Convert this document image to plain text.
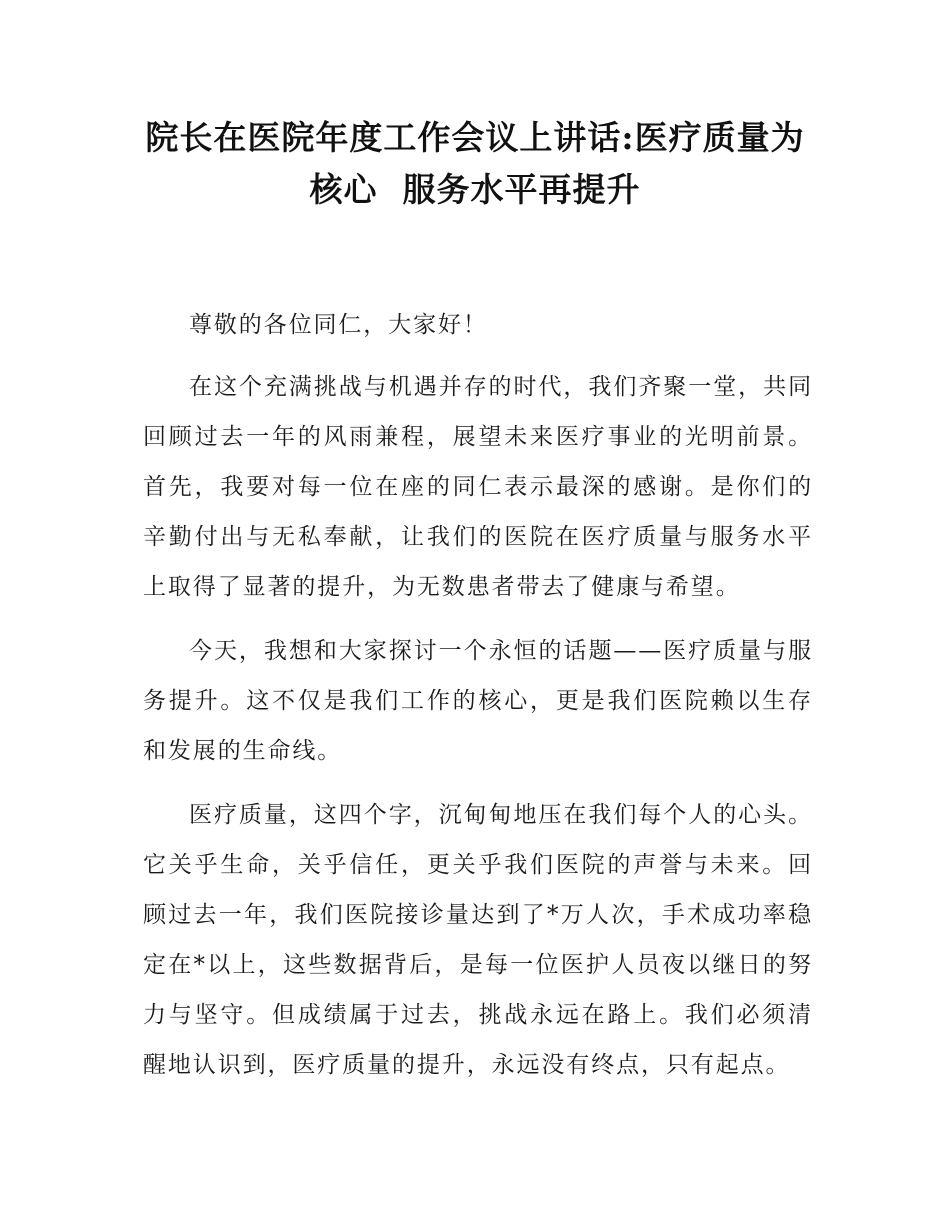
院长在医院年度工作会议上讲话:医疗质量为
核心  服务水平再提升

尊敬的各位同仁，大家好！

在这个充满挑战与机遇并存的时代，我们齐聚一堂，共同回顾过去一年的风雨兼程，展望未来医疗事业的光明前景。首先，我要对每一位在座的同仁表示最深的感谢。是你们的辛勤付出与无私奉献，让我们的医院在医疗质量与服务水平上取得了显著的提升，为无数患者带去了健康与希望。

今天，我想和大家探讨一个永恒的话题——医疗质量与服务提升。这不仅是我们工作的核心，更是我们医院赖以生存和发展的生命线。

医疗质量，这四个字，沉甸甸地压在我们每个人的心头。它关乎生命，关乎信任，更关乎我们医院的声誉与未来。回顾过去一年，我们医院接诊量达到了*万人次，手术成功率稳定在*以上，这些数据背后，是每一位医护人员夜以继日的努力与坚守。但成绩属于过去，挑战永远在路上。我们必须清醒地认识到，医疗质量的提升，永远没有终点，只有起点。
